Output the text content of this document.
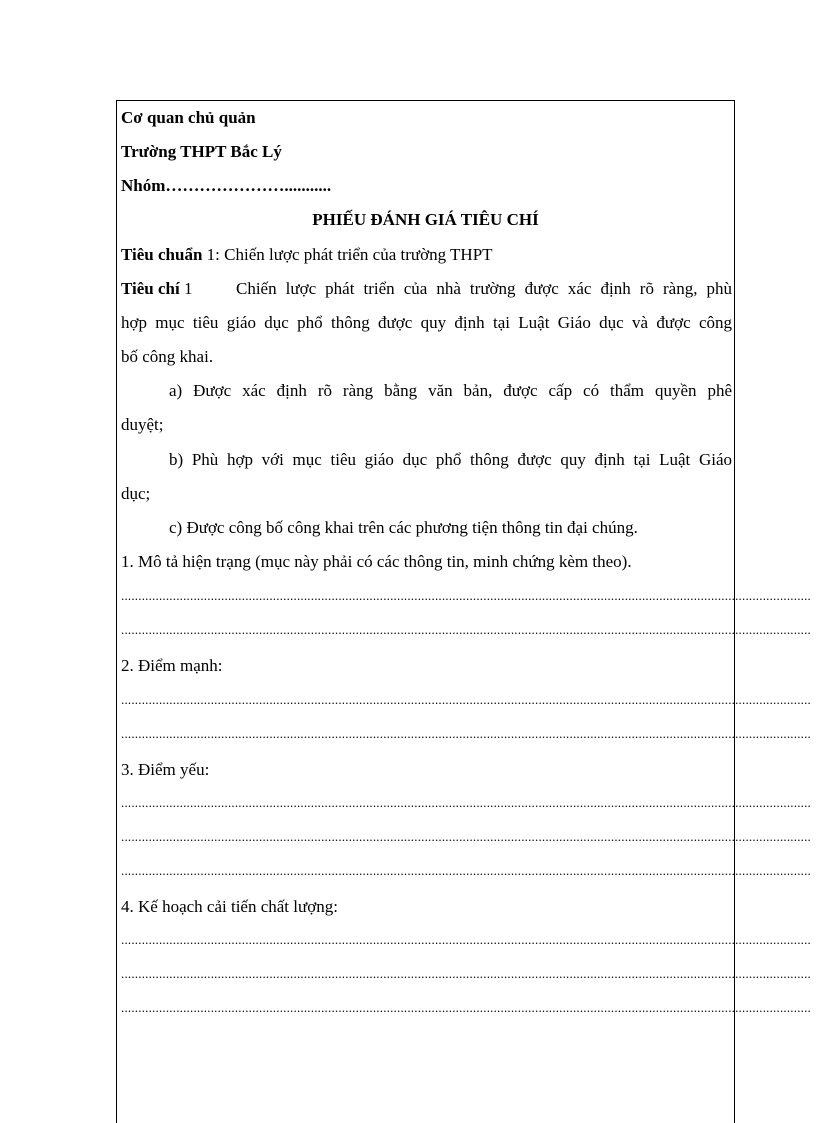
Cơ quan chủ quản

Trường THPT Bắc Lý

Nhóm…………………...........

PHIẾU ĐÁNH GIÁ TIÊU CHÍ

Tiêu chuẩn 1: Chiến lược phát triển của trường THPT

Tiêu chí 1	Chiến lược phát triển của nhà trường được xác định rõ ràng, phù

hợp mục tiêu giáo dục phổ thông được quy định tại Luật Giáo dục và được công

bố công khai.

a) Được xác định rõ ràng bằng văn bản, được cấp có thẩm quyền phê

duyệt;

b) Phù hợp với mục tiêu giáo dục phổ thông được quy định tại Luật Giáo

dục;

c) Được công bố công khai trên các phương tiện thông tin đại chúng.

1. Mô tả hiện trạng (mục này phải có các thông tin, minh chứng kèm theo).

........................................................................................................................................................................................................
........................................................................................................................................................................................................

2. Điểm mạnh:

........................................................................................................................................................................................................
........................................................................................................................................................................................................

3. Điểm yếu:

........................................................................................................................................................................................................
........................................................................................................................................................................................................
........................................................................................................................................................................................................

4. Kế hoạch cải tiến chất lượng:

........................................................................................................................................................................................................
........................................................................................................................................................................................................
........................................................................................................................................................................................................
